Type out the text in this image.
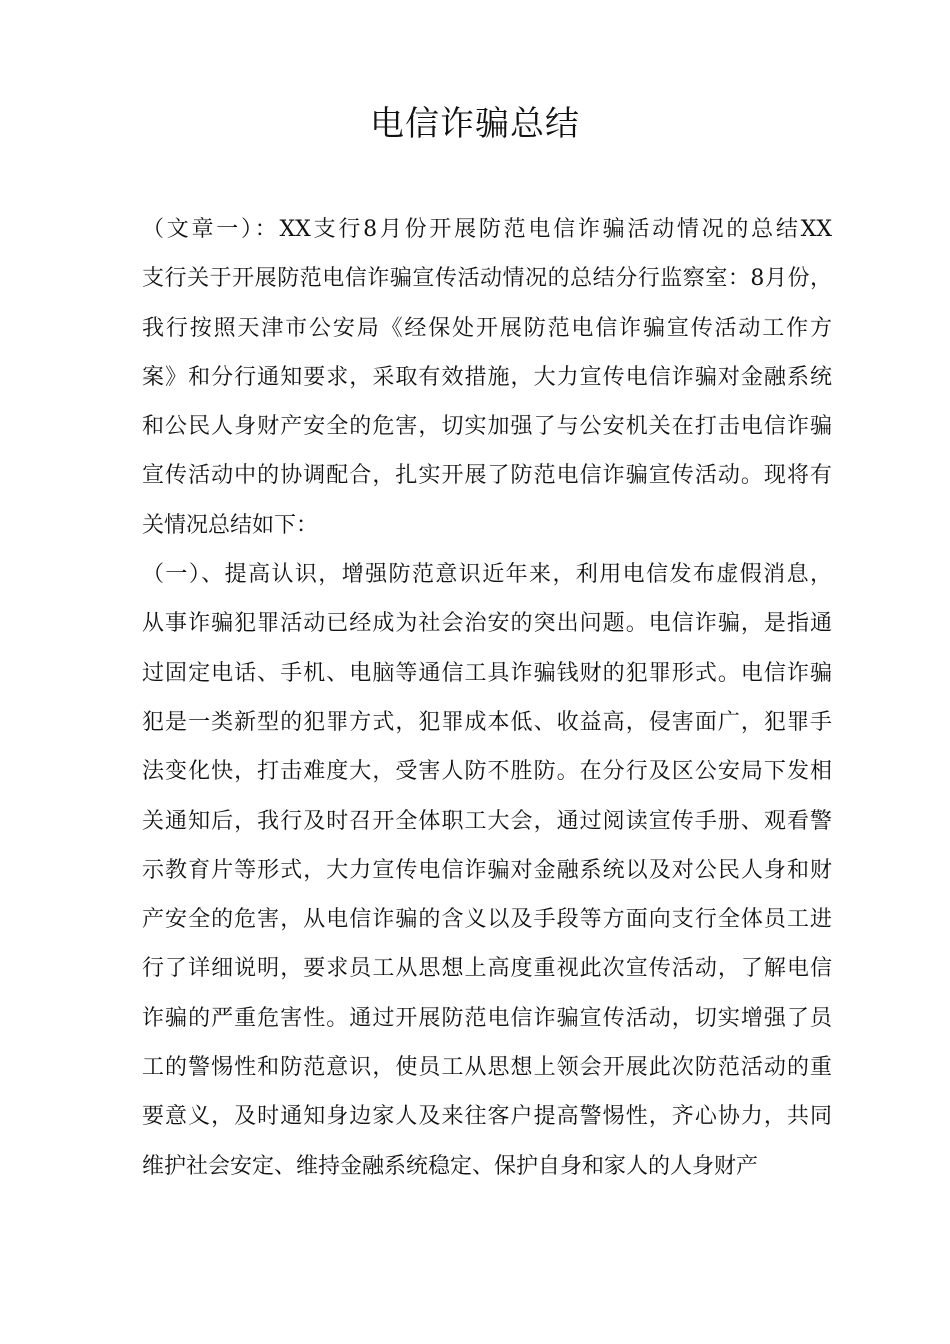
电信诈骗总结
（文章一）：XX支行8月份开展防范电信诈骗活动情况的总结XX
支行关于开展防范电信诈骗宣传活动情况的总结分行监察室：8月份，
我行按照天津市公安局《经保处开展防范电信诈骗宣传活动工作方
案》和分行通知要求，采取有效措施，大力宣传电信诈骗对金融系统
和公民人身财产安全的危害，切实加强了与公安机关在打击电信诈骗
宣传活动中的协调配合，扎实开展了防范电信诈骗宣传活动。现将有
关情况总结如下：
（一）、提高认识，增强防范意识近年来，利用电信发布虚假消息，
从事诈骗犯罪活动已经成为社会治安的突出问题。电信诈骗，是指通
过固定电话、手机、电脑等通信工具诈骗钱财的犯罪形式。电信诈骗
犯是一类新型的犯罪方式，犯罪成本低、收益高，侵害面广，犯罪手
法变化快，打击难度大，受害人防不胜防。在分行及区公安局下发相
关通知后，我行及时召开全体职工大会，通过阅读宣传手册、观看警
示教育片等形式，大力宣传电信诈骗对金融系统以及对公民人身和财
产安全的危害，从电信诈骗的含义以及手段等方面向支行全体员工进
行了详细说明，要求员工从思想上高度重视此次宣传活动，了解电信
诈骗的严重危害性。通过开展防范电信诈骗宣传活动，切实增强了员
工的警惕性和防范意识，使员工从思想上领会开展此次防范活动的重
要意义，及时通知身边家人及来往客户提高警惕性，齐心协力，共同
维护社会安定、维持金融系统稳定、保护自身和家人的人身财产
